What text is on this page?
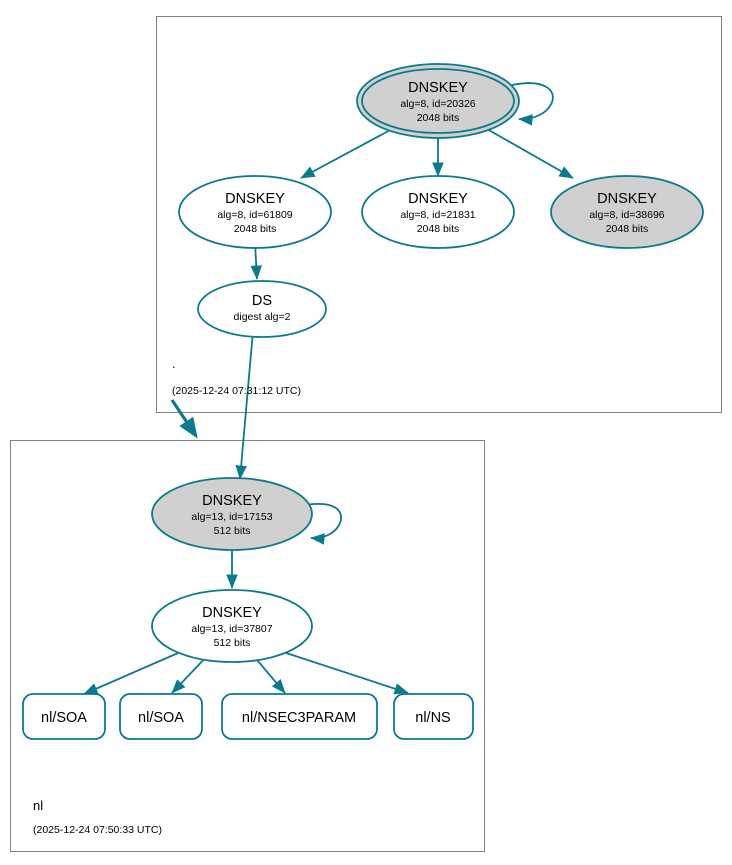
DNSKEY
alg=8, id=20326
2048 bits
DNSKEY
alg=8, id=61809
2048 bits
DNSKEY
alg=8, id=21831
2048 bits
DNSKEY
alg=8, id=38696
2048 bits
DS
digest alg=2
.
(2025-12-24 07:31:12 UTC)
DNSKEY
alg=13, id=17153
512 bits
DNSKEY
alg=13, id=37807
512 bits
nl/SOA	nl/SOA	nl/NSEC3PARAM	nl/NS
nl
(2025-12-24 07:50:33 UTC)
